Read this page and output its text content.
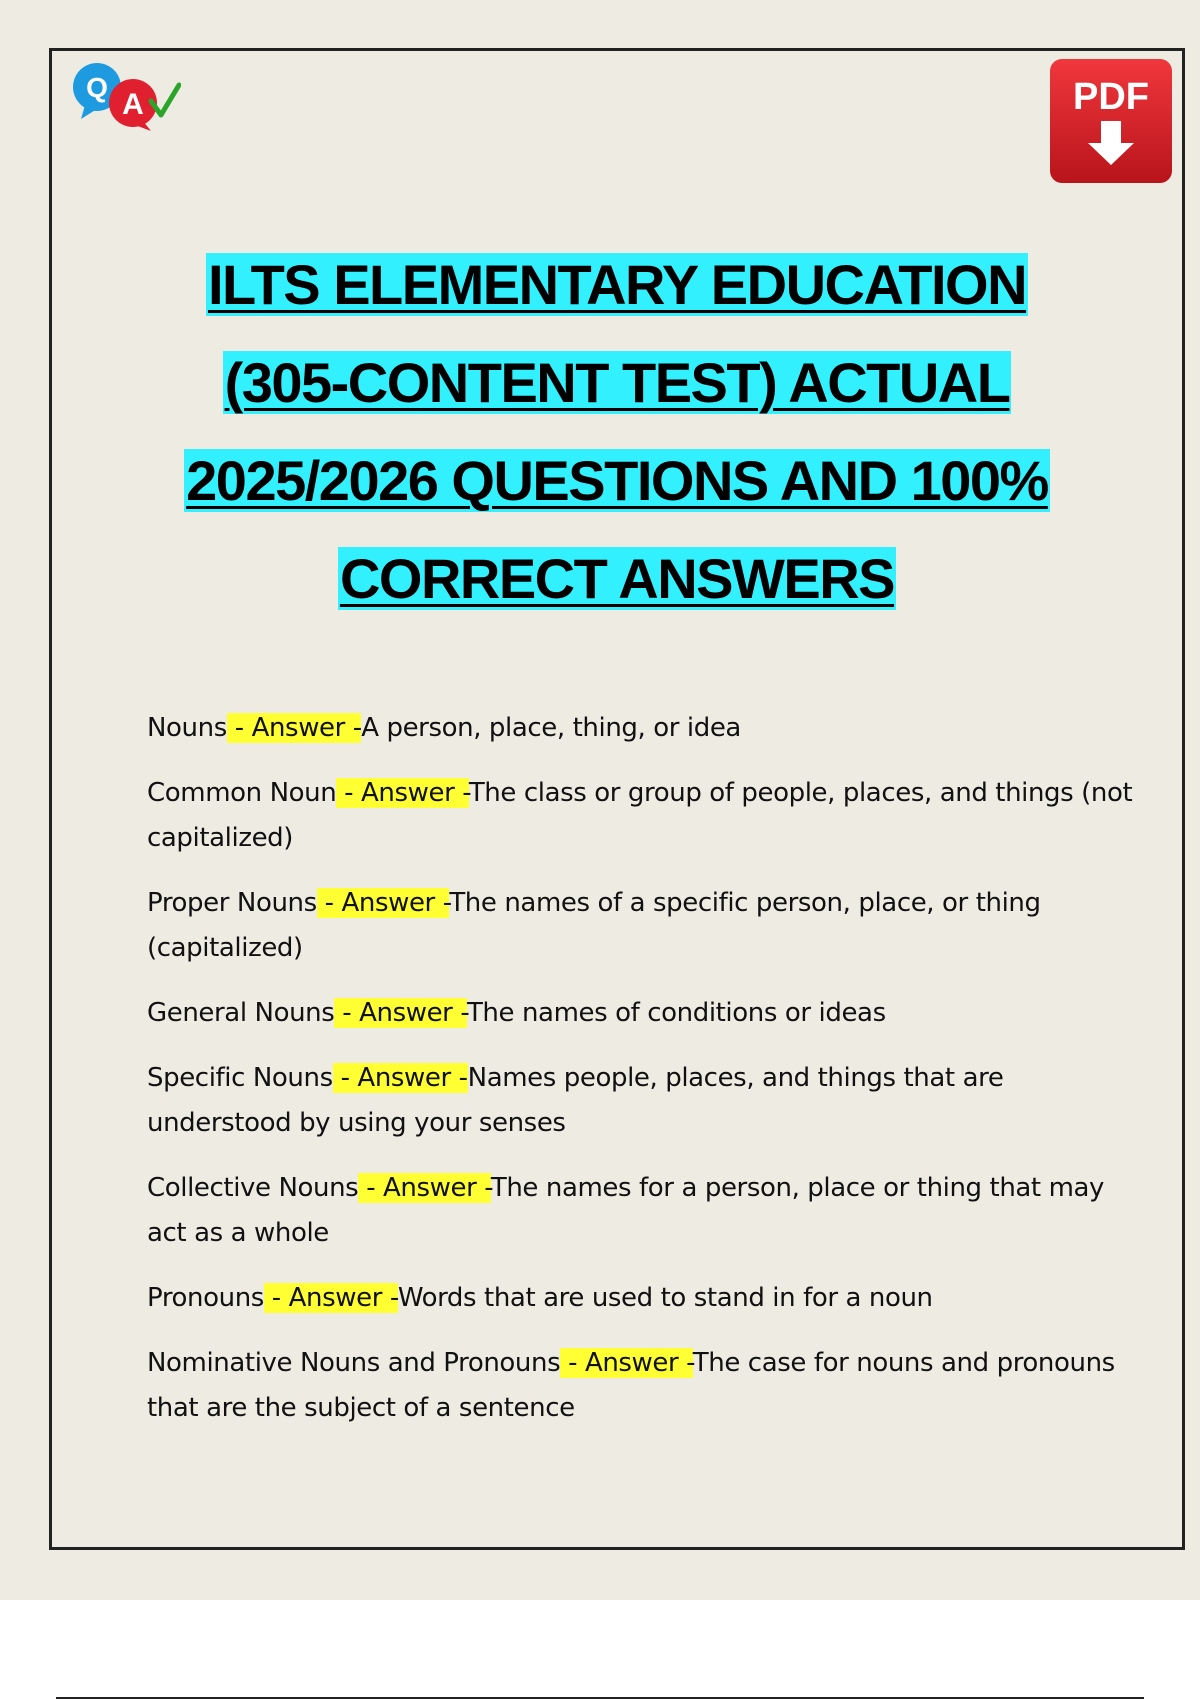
Q
A	PDF
ILTS ELEMENTARY EDUCATION
(305-CONTENT TEST) ACTUAL
2025/2026 QUESTIONS AND 100%
CORRECT ANSWERS
Nouns - Answer -A person, place, thing, or idea
Common Noun - Answer -The class or group of people, places, and things (not capitalized)
Proper Nouns - Answer -The names of a specific person, place, or thing (capitalized)
General Nouns - Answer -The names of conditions or ideas
Specific Nouns - Answer -Names people, places, and things that are understood by using your senses
Collective Nouns - Answer -The names for a person, place or thing that may act as a whole
Pronouns - Answer -Words that are used to stand in for a noun
Nominative Nouns and Pronouns - Answer -The case for nouns and pronouns that are the subject of a sentence
